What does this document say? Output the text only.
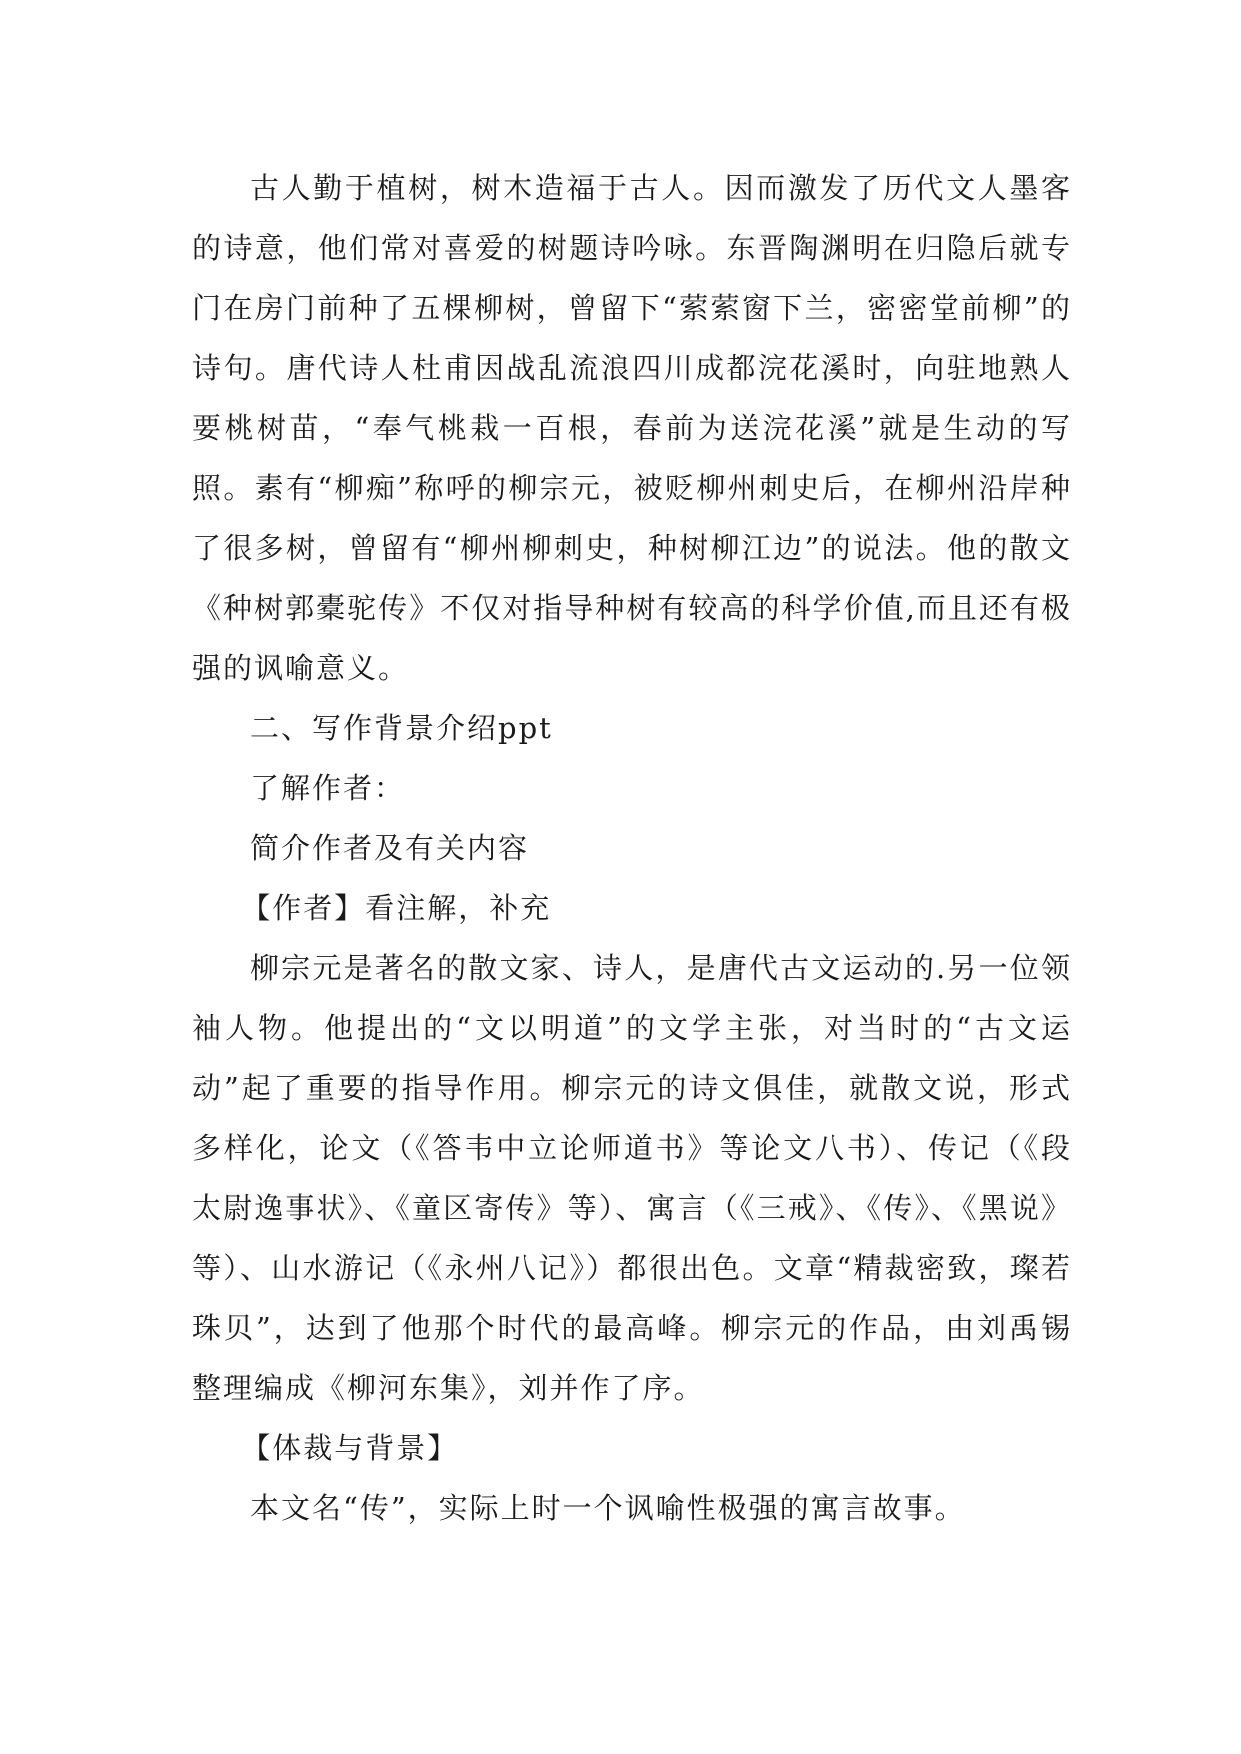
古人勤于植树，树木造福于古人。因而激发了历代文人墨客的诗意，他们常对喜爱的树题诗吟咏。东晋陶渊明在归隐后就专门在房门前种了五棵柳树，曾留下“萦萦窗下兰，密密堂前柳”的诗句。唐代诗人杜甫因战乱流浪四川成都浣花溪时，向驻地熟人要桃树苗，“奉气桃栽一百根，春前为送浣花溪”就是生动的写照。素有“柳痴”称呼的柳宗元，被贬柳州刺史后，在柳州沿岸种了很多树，曾留有“柳州柳刺史，种树柳江边”的说法。他的散文《种树郭橐驼传》不仅对指导种树有较高的科学价值,而且还有极强的讽喻意义。

二、写作背景介绍ppt

了解作者：

简介作者及有关内容

【作者】看注解，补充

柳宗元是著名的散文家、诗人，是唐代古文运动的.另一位领袖人物。他提出的“文以明道”的文学主张，对当时的“古文运动”起了重要的指导作用。柳宗元的诗文俱佳，就散文说，形式多样化，论文（《答韦中立论师道书》等论文八书）、传记（《段太尉逸事状》、《童区寄传》等）、寓言（《三戒》、《传》、《黑说》等）、山水游记（《永州八记》）都很出色。文章“精裁密致，璨若珠贝”，达到了他那个时代的最高峰。柳宗元的作品，由刘禹锡整理编成《柳河东集》，刘并作了序。

【体裁与背景】

本文名“传”，实际上时一个讽喻性极强的寓言故事。
